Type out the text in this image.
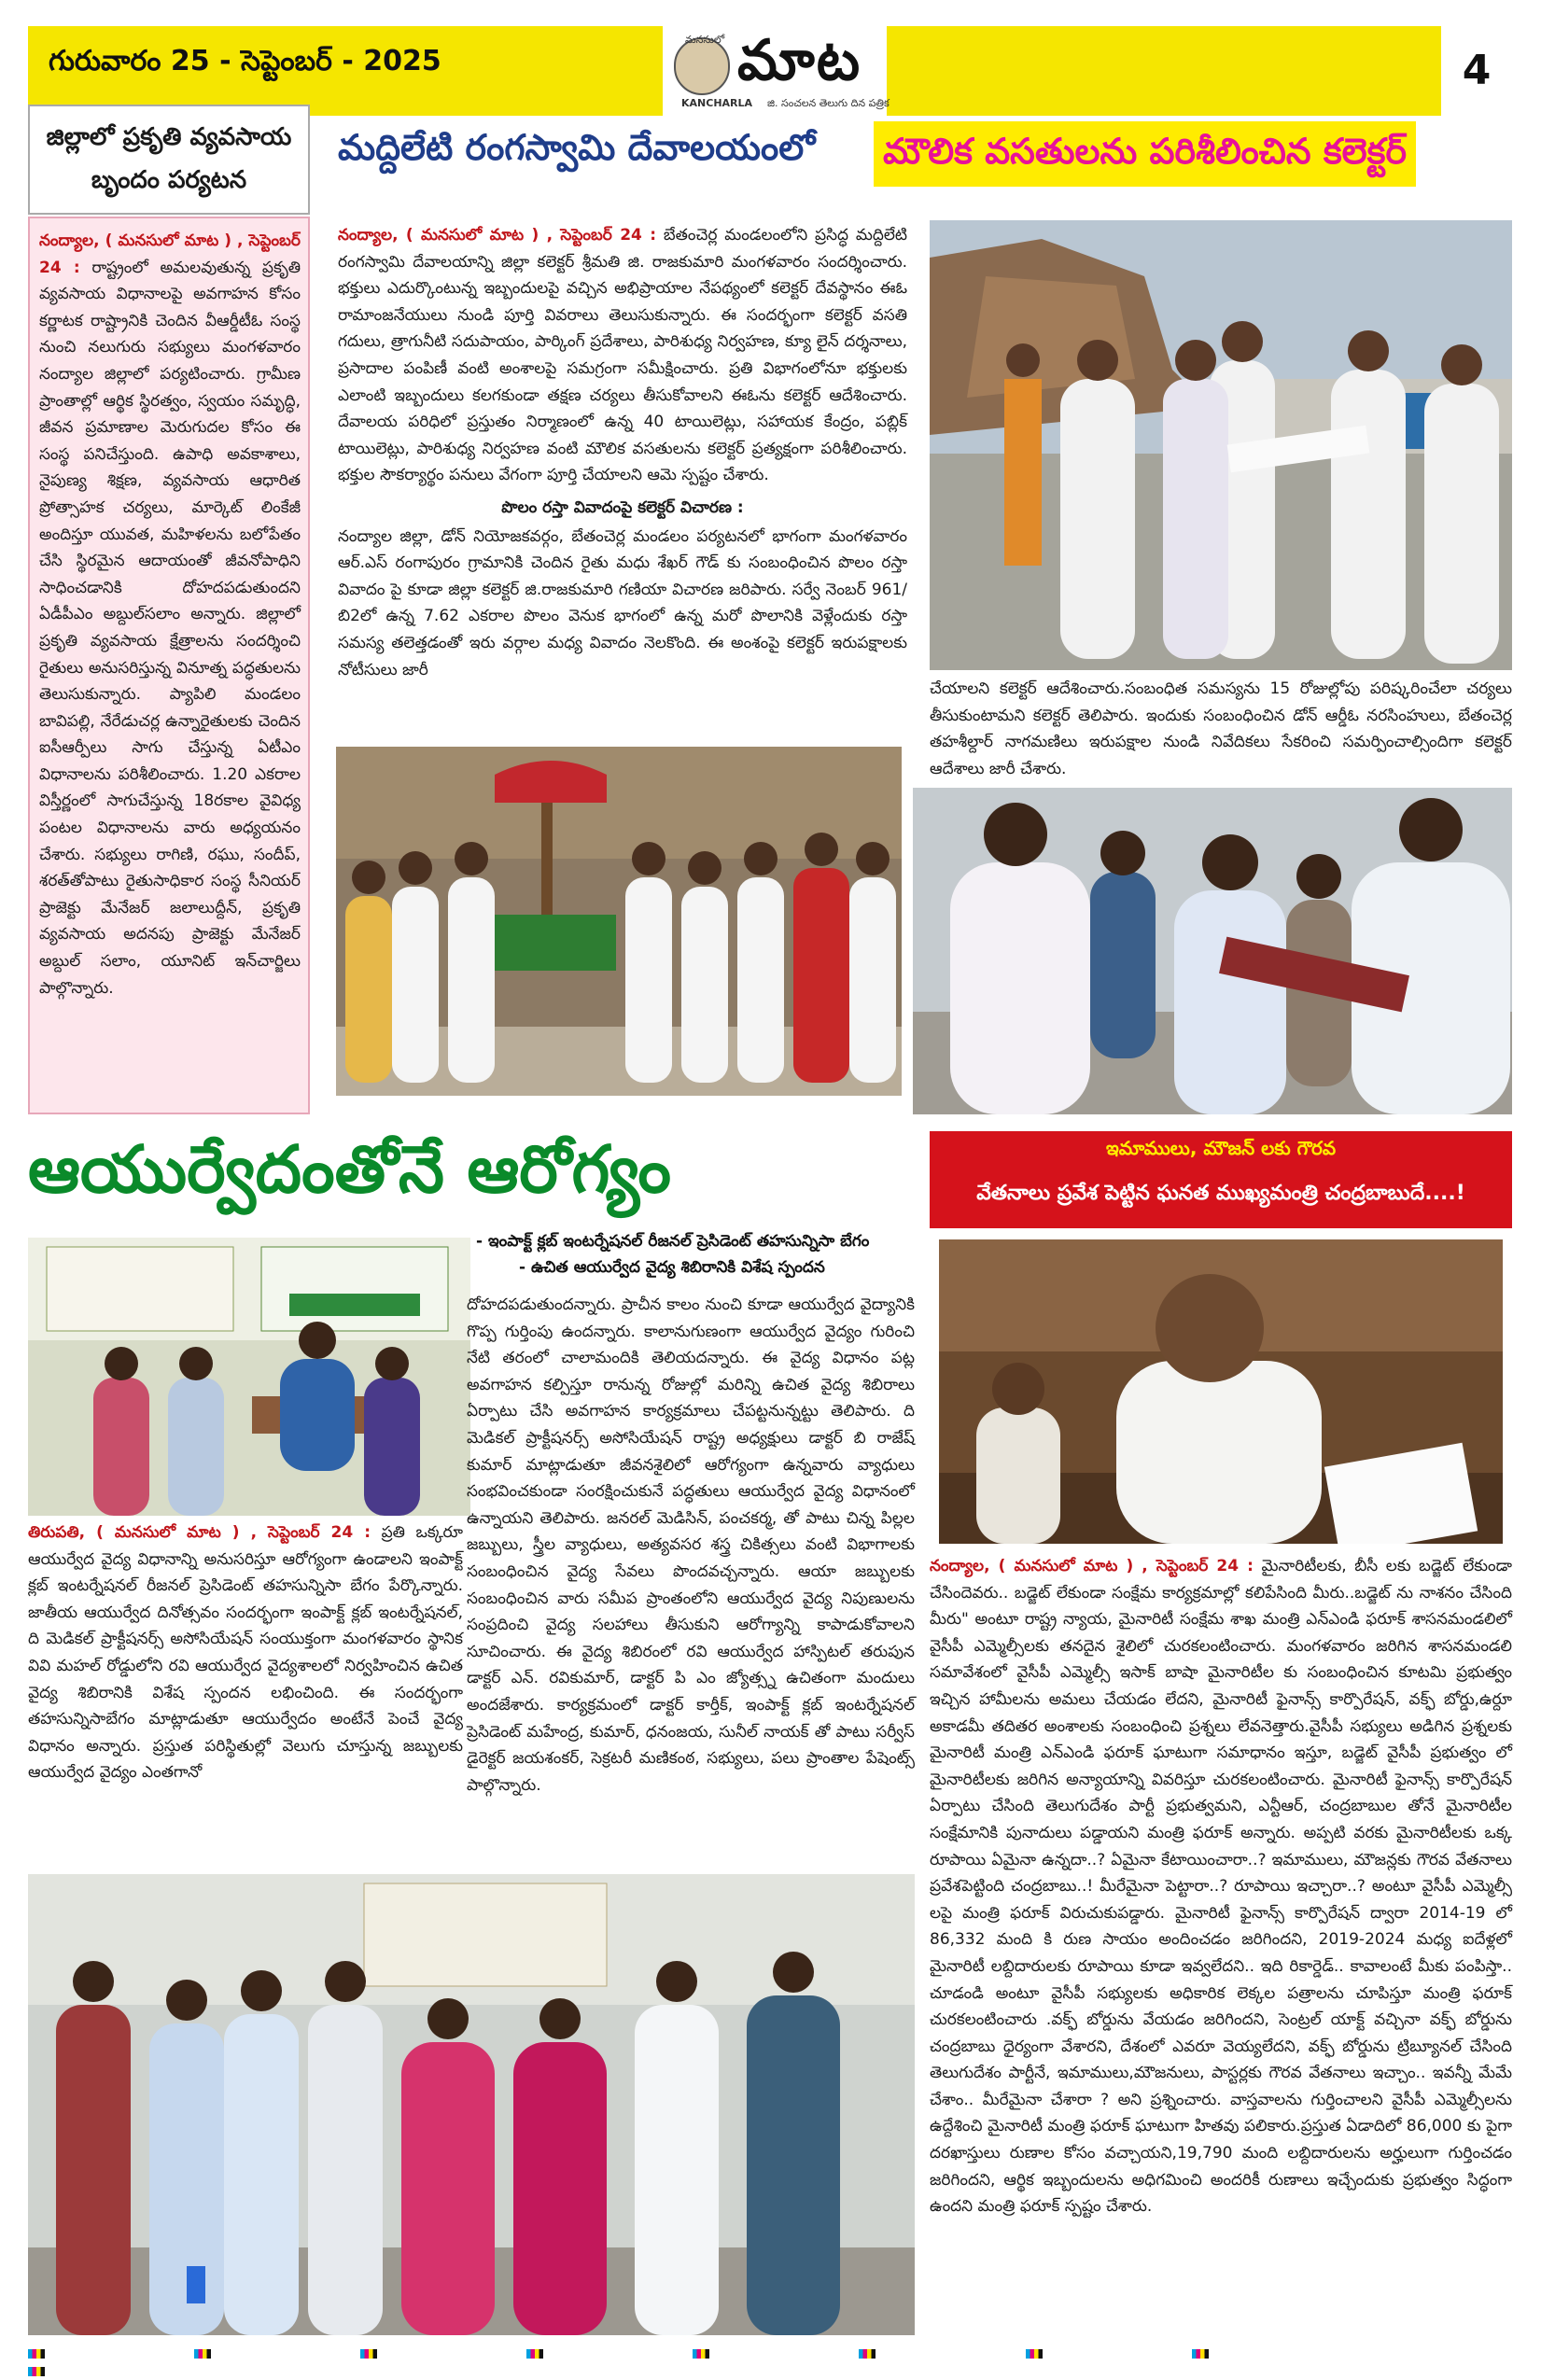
గురువారం 25 - సెప్టెంబర్ - 2025
మనసులో మాట
KANCHARLA జి. సంచలన తెలుగు దిన పత్రిక
4
జిల్లాలో ప్రకృతి వ్యవసాయ బృందం పర్యటన
నంద్యాల, ( మనసులో మాట ) , సెప్టెంబర్ 24 : రాష్ట్రంలో అమలవుతున్న ప్రకృతి వ్యవసాయ విధానాలపై అవగాహన కోసం కర్ణాటక రాష్ట్రానికి చెందిన వీఆర్డీటీఓ సంస్థ నుంచి నలుగురు సభ్యులు మంగళవారం నంద్యాల జిల్లాలో పర్యటించారు. గ్రామీణ ప్రాంతాల్లో ఆర్థిక స్థిరత్వం, స్వయం సమృద్ధి, జీవన ప్రమాణాల మెరుగుదల కోసం ఈ సంస్థ పనిచేస్తుంది. ఉపాధి అవకాశాలు, నైపుణ్య శిక్షణ, వ్యవసాయ ఆధారిత ప్రోత్సాహక చర్యలు, మార్కెట్ లింకేజీ అందిస్తూ యువత, మహిళలను బలోపేతం చేసి స్థిరమైన ఆదాయంతో జీవనోపాధిని సాధించడానికి దోహదపడుతుందని ఏడీపీఎం అబ్దుల్‌సలాం అన్నారు. జిల్లాలో ప్రకృతి వ్యవసాయ క్షేత్రాలను సందర్శించి రైతులు అనుసరిస్తున్న వినూత్న పద్ధతులను తెలుసుకున్నారు. ప్యాపిలి మండలం బావిపల్లి, నేరేడుచర్ల ఉన్నారైతులకు చెందిన ఐసీఆర్పీలు సాగు చేస్తున్న ఏటీఎం విధానాలను పరిశీలించారు. 1.20 ఎకరాల విస్తీర్ణంలో సాగుచేస్తున్న 18రకాల వైవిధ్య పంటల విధానాలను వారు అధ్యయనం చేశారు. సభ్యులు రాగిణి, రఘు, సందీప్, శరత్‌తోపాటు రైతుసాధికార సంస్థ సీనియర్ ప్రాజెక్టు మేనేజర్ జలాలుద్దీన్, ప్రకృతి వ్యవసాయ అదనపు ప్రాజెక్టు మేనేజర్ అబ్దుల్ సలాం, యూనిట్ ఇన్‌చార్జిలు పాల్గొన్నారు.
మద్దిలేటి రంగస్వామి దేవాలయంలో మౌలిక వసతులను పరిశీలించిన కలెక్టర్
నంద్యాల, ( మనసులో మాట ) , సెప్టెంబర్ 24 : బేతంచెర్ల మండలంలోని ప్రసిద్ధ మద్దిలేటి రంగస్వామి దేవాలయాన్ని జిల్లా కలెక్టర్ శ్రీమతి జి. రాజకుమారి మంగళవారం సందర్శించారు. భక్తులు ఎదుర్కొంటున్న ఇబ్బందులపై వచ్చిన అభిప్రాయాల నేపథ్యంలో కలెక్టర్ దేవస్థానం ఈఓ రామాంజనేయులు నుండి పూర్తి వివరాలు తెలుసుకున్నారు. ఈ సందర్భంగా కలెక్టర్ వసతి గదులు, త్రాగునీటి సదుపాయం, పార్కింగ్ ప్రదేశాలు, పారిశుధ్య నిర్వహణ, క్యూ లైన్ దర్శనాలు, ప్రసాదాల పంపిణీ వంటి అంశాలపై సమగ్రంగా సమీక్షించారు. ప్రతి విభాగంలోనూ భక్తులకు ఎలాంటి ఇబ్బందులు కలగకుండా తక్షణ చర్యలు తీసుకోవాలని ఈఓను కలెక్టర్ ఆదేశించారు. దేవాలయ పరిధిలో ప్రస్తుతం నిర్మాణంలో ఉన్న 40 టాయిలెట్లు, సహాయక కేంద్రం, పబ్లిక్ టాయిలెట్లు, పారిశుధ్య నిర్వహణ వంటి మౌలిక వసతులను కలెక్టర్ ప్రత్యక్షంగా పరిశీలించారు. భక్తుల సౌకర్యార్థం పనులు వేగంగా పూర్తి చేయాలని ఆమె స్పష్టం చేశారు.
పొలం రస్తా వివాదంపై కలెక్టర్ విచారణ :
నంద్యాల జిల్లా, డోన్ నియోజకవర్గం, బేతంచెర్ల మండలం పర్యటనలో భాగంగా మంగళవారం ఆర్.ఎస్ రంగాపురం గ్రామానికి చెందిన రైతు మధు శేఖర్ గౌడ్ కు సంబంధించిన పొలం రస్తా వివాదం పై కూడా జిల్లా కలెక్టర్ జి.రాజకుమారి గణియా విచారణ జరిపారు. సర్వే నెంబర్ 961/బి2లో ఉన్న 7.62 ఎకరాల పొలం వెనుక భాగంలో ఉన్న మరో పొలానికి వెళ్లేందుకు రస్తా సమస్య తలెత్తడంతో ఇరు వర్గాల మధ్య వివాదం నెలకొంది. ఈ అంశంపై కలెక్టర్ ఇరుపక్షాలకు నోటీసులు జారీ
చేయాలని కలెక్టర్ ఆదేశించారు.సంబంధిత సమస్యను 15 రోజుల్లోపు పరిష్కరించేలా చర్యలు తీసుకుంటామని కలెక్టర్ తెలిపారు. ఇందుకు సంబంధించిన డోన్ ఆర్డీఓ నరసింహులు, బేతంచెర్ల తహశీల్దార్ నాగమణిలు ఇరుపక్షాల నుండి నివేదికలు సేకరించి సమర్పించాల్సిందిగా కలెక్టర్ ఆదేశాలు జారీ చేశారు.
ఆయుర్వేదంతోనే ఆరోగ్యం
- ఇంపాక్ట్ క్లబ్ ఇంటర్నేషనల్ రీజనల్ ప్రెసిడెంట్ తహసున్నిసా బేగం
- ఉచిత ఆయుర్వేద వైద్య శిబిరానికి విశేష స్పందన
దోహదపడుతుందన్నారు. ప్రాచీన కాలం నుంచి కూడా ఆయుర్వేద వైద్యానికి గొప్ప గుర్తింపు ఉందన్నారు. కాలానుగుణంగా ఆయుర్వేద వైద్యం గురించి నేటి తరంలో చాలామందికి తెలియదన్నారు. ఈ వైద్య విధానం పట్ల అవగాహన కల్పిస్తూ రానున్న రోజుల్లో మరిన్ని ఉచిత వైద్య శిబిరాలు ఏర్పాటు చేసి అవగాహన కార్యక్రమాలు చేపట్టనున్నట్టు తెలిపారు. ది మెడికల్ ప్రాక్టీషనర్స్ అసోసియేషన్ రాష్ట్ర అధ్యక్షులు డాక్టర్ బి రాజేష్ కుమార్ మాట్లాడుతూ జీవనశైలిలో ఆరోగ్యంగా ఉన్నవారు వ్యాధులు సంభవించకుండా సంరక్షించుకునే పద్ధతులు ఆయుర్వేద వైద్య విధానంలో ఉన్నాయని తెలిపారు. జనరల్ మెడిసిన్, పంచకర్మ, తో పాటు చిన్న పిల్లల జబ్బులు, స్త్రీల వ్యాధులు, అత్యవసర శస్త్ర చికిత్సలు వంటి విభాగాలకు సంబంధించిన వైద్య సేవలు పొందవచ్చన్నారు. ఆయా జబ్బులకు సంబంధించిన వారు సమీప ప్రాంతంలోని ఆయుర్వేద వైద్య నిపుణులను సంప్రదించి వైద్య సలహాలు తీసుకుని ఆరోగ్యాన్ని కాపాడుకోవాలని సూచించారు. ఈ వైద్య శిబిరంలో రవి ఆయుర్వేద హాస్పిటల్ తరుపున డాక్టర్ ఎన్. రవికుమార్, డాక్టర్ పి ఎం జ్యోత్స్న ఉచితంగా మందులు అందజేశారు. కార్యక్రమంలో డాక్టర్ కార్తీక్, ఇంపాక్ట్ క్లబ్ ఇంటర్నేషనల్ ప్రెసిడెంట్ మహేంద్ర, కుమార్, ధనంజయ, సునీల్ నాయక్ తో పాటు సర్వీస్ డైరెక్టర్ జయశంకర్, సెక్రటరీ మణికంఠ, సభ్యులు, పలు ప్రాంతాల పేషెంట్స్ పాల్గొన్నారు.
తిరుపతి, ( మనసులో మాట ) , సెప్టెంబర్ 24 : ప్రతి ఒక్కరూ ఆయుర్వేద వైద్య విధానాన్ని అనుసరిస్తూ ఆరోగ్యంగా ఉండాలని ఇంపాక్ట్ క్లబ్ ఇంటర్నేషనల్ రీజనల్ ప్రెసిడెంట్ తహసున్నిసా బేగం పేర్కొన్నారు. జాతీయ ఆయుర్వేద దినోత్సవం సందర్భంగా ఇంపాక్ట్ క్లబ్ ఇంటర్నేషనల్, ది మెడికల్ ప్రాక్టీషనర్స్ అసోసియేషన్ సంయుక్తంగా మంగళవారం స్థానిక వివి మహల్ రోడ్డులోని రవి ఆయుర్వేద వైద్యశాలలో నిర్వహించిన ఉచిత వైద్య శిబిరానికి విశేష స్పందన లభించింది. ఈ సందర్భంగా తహసున్నిసాబేగం మాట్లాడుతూ ఆయుర్వేదం అంటేనే పెంచే వైద్య విధానం అన్నారు. ప్రస్తుత పరిస్థితుల్లో వెలుగు చూస్తున్న జబ్బులకు ఆయుర్వేద వైద్యం ఎంతగానో
ఇమాములు, మౌజన్ లకు గౌరవ
వేతనాలు ప్రవేశ పెట్టిన ఘనత ముఖ్యమంత్రి చంద్రబాబుదే....!
నంద్యాల, ( మనసులో మాట ) , సెప్టెంబర్ 24 : మైనారిటీలకు, బీసీ లకు బడ్జెట్ లేకుండా చేసిందెవరు.. బడ్జెట్ లేకుండా సంక్షేమ కార్యక్రమాల్లో కలిపేసింది మీరు..బడ్జెట్ ను నాశనం చేసింది మీరు" అంటూ రాష్ట్ర న్యాయ, మైనారిటీ సంక్షేమ శాఖ మంత్రి ఎన్ఎండి ఫరూక్ శాసనమండలిలో వైసీపీ ఎమ్మెల్సీలకు తనదైన శైలిలో చురకలంటించారు. మంగళవారం జరిగిన శాసనమండలి సమావేశంలో వైసీపీ ఎమ్మెల్సీ ఇసాక్ బాషా మైనారిటీల కు సంబంధించిన కూటమి ప్రభుత్వం ఇచ్చిన హామీలను అమలు చేయడం లేదని, మైనారిటీ ఫైనాన్స్ కార్పొరేషన్, వక్ఫ్ బోర్డు,ఉర్దూ అకాడమీ తదితర అంశాలకు సంబంధించి ప్రశ్నలు లేవనెత్తారు.వైసీపీ సభ్యులు అడిగిన ప్రశ్నలకు మైనారిటీ మంత్రి ఎన్ఎండి ఫరూక్ ఘాటుగా సమాధానం ఇస్తూ, బడ్జెట్ వైసీపీ ప్రభుత్వం లో మైనారిటీలకు జరిగిన అన్యాయాన్ని వివరిస్తూ చురకలంటించారు. మైనారిటీ ఫైనాన్స్ కార్పొరేషన్ ఏర్పాటు చేసింది తెలుగుదేశం పార్టీ ప్రభుత్వమని, ఎన్టీఆర్, చంద్రబాబుల తోనే మైనారిటీల సంక్షేమానికి పునాదులు పడ్డాయని మంత్రి ఫరూక్ అన్నారు. అప్పటి వరకు మైనారిటీలకు ఒక్క రూపాయి ఏమైనా ఉన్నదా..? ఏమైనా కేటాయించారా..? ఇమాములు, మౌజన్లకు గౌరవ వేతనాలు ప్రవేశపెట్టింది చంద్రబాబు..! మీరేమైనా పెట్టారా..? రూపాయి ఇచ్చారా..? అంటూ వైసీపీ ఎమ్మెల్సీ లపై మంత్రి ఫరూక్ విరుచుకుపడ్డారు. మైనారిటీ ఫైనాన్స్ కార్పొరేషన్ ద్వారా 2014-19 లో 86,332 మంది కి రుణ సాయం అందించడం జరిగిందని, 2019-2024 మధ్య ఐదేళ్లలో మైనారిటీ లబ్దిదారులకు రూపాయి కూడా ఇవ్వలేదని.. ఇది రికార్డెడ్.. కావాలంటే మీకు పంపిస్తా.. చూడండి అంటూ వైసీపీ సభ్యులకు అధికారిక లెక్కల పత్రాలను చూపిస్తూ మంత్రి ఫరూక్ చురకలంటించారు .వక్ఫ్ బోర్డును వేయడం జరిగిందని, సెంట్రల్ యాక్ట్ వచ్చినా వక్ఫ్ బోర్డును చంద్రబాబు ధైర్యంగా వేశారని, దేశంలో ఎవరూ వెయ్యలేదని, వక్ఫ్ బోర్డును ట్రిబ్యూనల్ చేసింది తెలుగుదేశం పార్టీనే, ఇమాములు,మౌజనులు, పాస్టర్లకు గౌరవ వేతనాలు ఇచ్చాం.. ఇవన్నీ మేమే చేశాం.. మీరేమైనా చేశారా ? అని ప్రశ్నించారు. వాస్తవాలను గుర్తించాలని వైసీపీ ఎమ్మెల్సీలను ఉద్దేశించి మైనారిటీ మంత్రి ఫరూక్ ఘాటుగా హితవు పలికారు.ప్రస్తుత ఏడాదిలో 86,000 కు పైగా దరఖాస్తులు రుణాల కోసం వచ్చాయని,19,790 మంది లబ్దిదారులను అర్హులుగా గుర్తించడం జరిగిందని, ఆర్థిక ఇబ్బందులను అధిగమించి అందరికీ రుణాలు ఇచ్చేందుకు ప్రభుత్వం సిద్ధంగా ఉందని మంత్రి ఫరూక్ స్పష్టం చేశారు.
